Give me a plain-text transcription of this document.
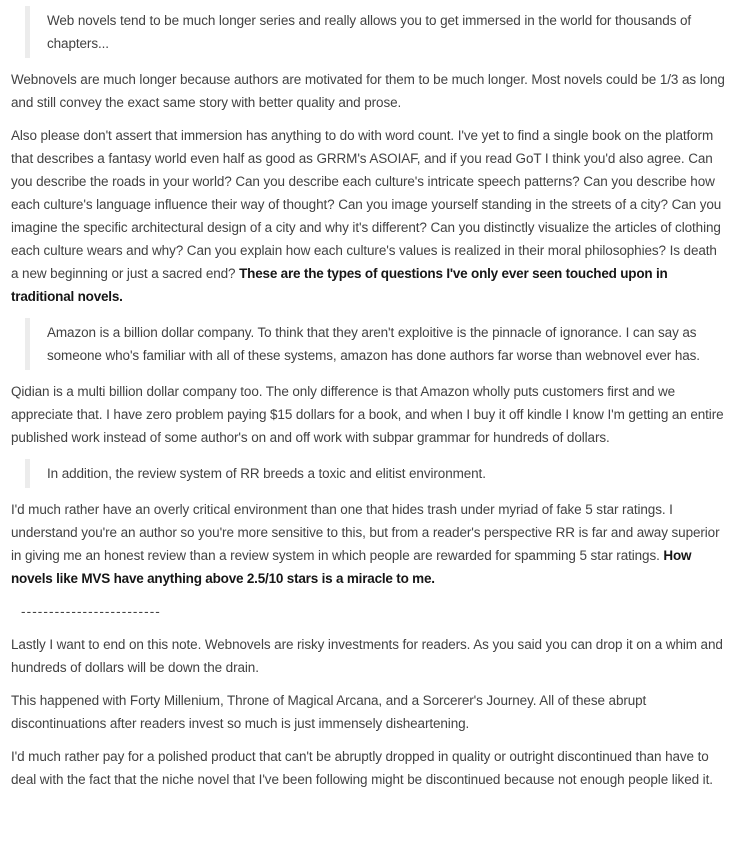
Web novels tend to be much longer series and really allows you to get immersed in the world for thousands of chapters...

Webnovels are much longer because authors are motivated for them to be much longer. Most novels could be 1/3 as long and still convey the exact same story with better quality and prose.

Also please don't assert that immersion has anything to do with word count. I've yet to find a single book on the platform that describes a fantasy world even half as good as GRRM's ASOIAF, and if you read GoT I think you'd also agree. Can you describe the roads in your world? Can you describe each culture's intricate speech patterns? Can you describe how each culture's language influence their way of thought? Can you image yourself standing in the streets of a city? Can you imagine the specific architectural design of a city and why it's different? Can you distinctly visualize the articles of clothing each culture wears and why? Can you explain how each culture's values is realized in their moral philosophies? Is death a new beginning or just a sacred end? These are the types of questions I've only ever seen touched upon in traditional novels.

Amazon is a billion dollar company. To think that they aren't exploitive is the pinnacle of ignorance. I can say as someone who's familiar with all of these systems, amazon has done authors far worse than webnovel ever has.

Qidian is a multi billion dollar company too. The only difference is that Amazon wholly puts customers first and we appreciate that. I have zero problem paying $15 dollars for a book, and when I buy it off kindle I know I'm getting an entire published work instead of some author's on and off work with subpar grammar for hundreds of dollars.

In addition, the review system of RR breeds a toxic and elitist environment.

I'd much rather have an overly critical environment than one that hides trash under myriad of fake 5 star ratings. I understand you're an author so you're more sensitive to this, but from a reader's perspective RR is far and away superior in giving me an honest review than a review system in which people are rewarded for spamming 5 star ratings. How novels like MVS have anything above 2.5/10 stars is a miracle to me.

-------------------------

Lastly I want to end on this note. Webnovels are risky investments for readers. As you said you can drop it on a whim and hundreds of dollars will be down the drain.

This happened with Forty Millenium, Throne of Magical Arcana, and a Sorcerer's Journey. All of these abrupt discontinuations after readers invest so much is just immensely disheartening.

I'd much rather pay for a polished product that can't be abruptly dropped in quality or outright discontinued than have to deal with the fact that the niche novel that I've been following might be discontinued because not enough people liked it.
